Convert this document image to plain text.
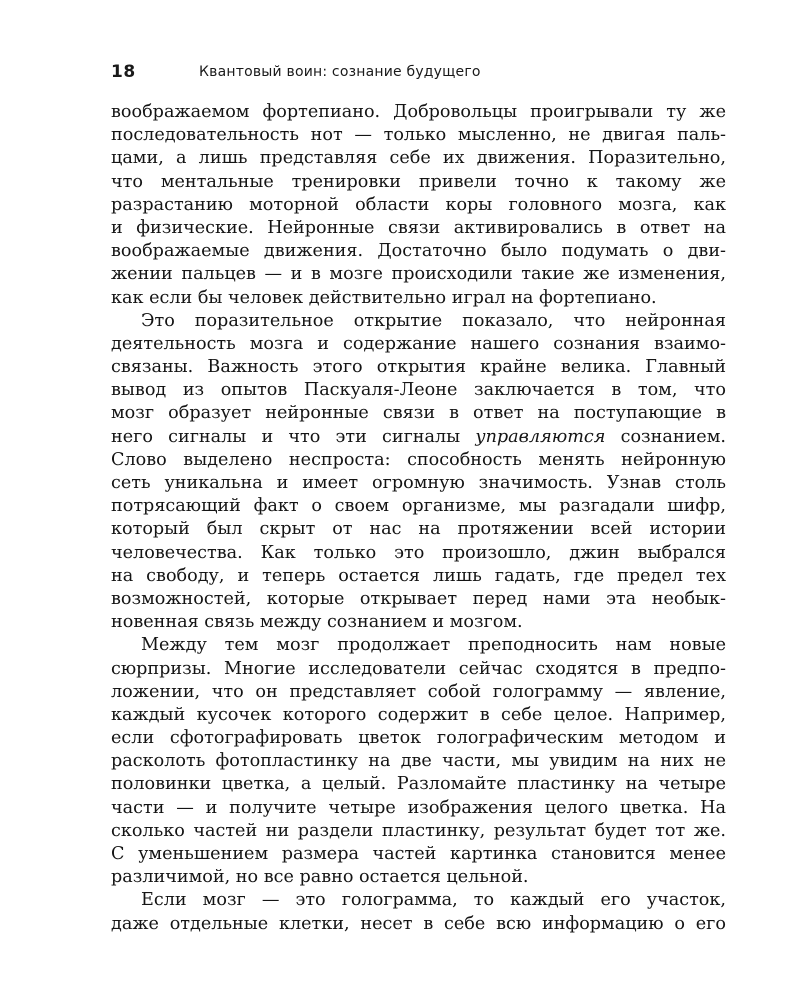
18	Квантовый воин: сознание будущего
воображаемом фортепиано. Добровольцы проигрывали ту же
последовательность нот — только мысленно, не двигая паль-
цами, а лишь представляя себе их движения. Поразительно,
что ментальные тренировки привели точно к такому же
разрастанию моторной области коры головного мозга, как
и физические. Нейронные связи активировались в ответ на
воображаемые движения. Достаточно было подумать о дви-
жении пальцев — и в мозге происходили такие же изменения,
как если бы человек действительно играл на фортепиано.
Это поразительное открытие показало, что нейронная
деятельность мозга и содержание нашего сознания взаимо-
связаны. Важность этого открытия крайне велика. Главный
вывод из опытов Паскуаля-Леоне заключается в том, что
мозг образует нейронные связи в ответ на поступающие в
него сигналы и что эти сигналы управляются сознанием.
Слово выделено неспроста: способность менять нейронную
сеть уникальна и имеет огромную значимость. Узнав столь
потрясающий факт о своем организме, мы разгадали шифр,
который был скрыт от нас на протяжении всей истории
человечества. Как только это произошло, джин выбрался
на свободу, и теперь остается лишь гадать, где предел тех
возможностей, которые открывает перед нами эта необык-
новенная связь между сознанием и мозгом.
Между тем мозг продолжает преподносить нам новые
сюрпризы. Многие исследователи сейчас сходятся в предпо-
ложении, что он представляет собой голограмму — явление,
каждый кусочек которого содержит в себе целое. Например,
если сфотографировать цветок голографическим методом и
расколоть фотопластинку на две части, мы увидим на них не
половинки цветка, а целый. Разломайте пластинку на четыре
части — и получите четыре изображения целого цветка. На
сколько частей ни раздели пластинку, результат будет тот же.
С уменьшением размера частей картинка становится менее
различимой, но все равно остается цельной.
Если мозг — это голограмма, то каждый его участок,
даже отдельные клетки, несет в себе всю информацию о его
